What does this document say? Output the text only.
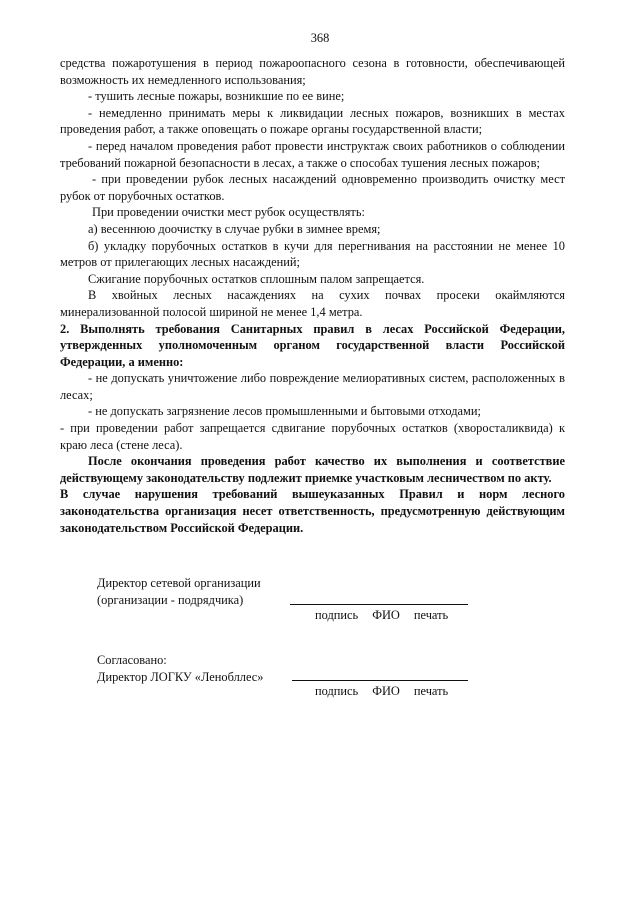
368

средства пожаротушения в период пожароопасного сезона в готовности, обеспечивающей возможность их немедленного использования;

- тушить лесные пожары, возникшие по ее вине;

- немедленно принимать меры к ликвидации лесных пожаров, возникших в местах проведения работ, а также оповещать о пожаре органы государственной власти;

- перед началом проведения работ провести инструктаж своих работников о соблюдении требований пожарной безопасности в лесах, а также о способах тушения лесных пожаров;

- при проведении рубок лесных насаждений одновременно производить очистку мест рубок от порубочных остатков.

При проведении очистки мест рубок осуществлять:

а) весеннюю доочистку в случае рубки в зимнее время;

б) укладку порубочных остатков в кучи для перегнивания на расстоянии не менее 10 метров от прилегающих лесных насаждений;

Сжигание порубочных остатков сплошным палом запрещается.

В хвойных лесных насаждениях на сухих почвах просеки окаймляются минерализованной полосой шириной не менее 1,4 метра.

2. Выполнять требования Санитарных правил в лесах Российской Федерации, утвержденных уполномоченным органом государственной власти Российской Федерации, а именно:

- не допускать уничтожение либо повреждение мелиоративных систем, расположенных в лесах;

- не допускать загрязнение лесов промышленными и бытовыми отходами;

- при проведении работ запрещается сдвигание порубочных остатков (хворосталиквида) к краю леса (стене леса).

После окончания проведения работ качество их выполнения и соответствие действующему законодательству подлежит приемке участковым лесничеством по акту.

В случае нарушения требований вышеуказанных Правил и норм лесного законодательства организация несет ответственность, предусмотренную действующим законодательством Российской Федерации.

Директор сетевой организации
(организации - подрядчика)
подпись ФИО печать
Согласовано:
Директор ЛОГКУ «Ленобллес»
подпись ФИО печать
